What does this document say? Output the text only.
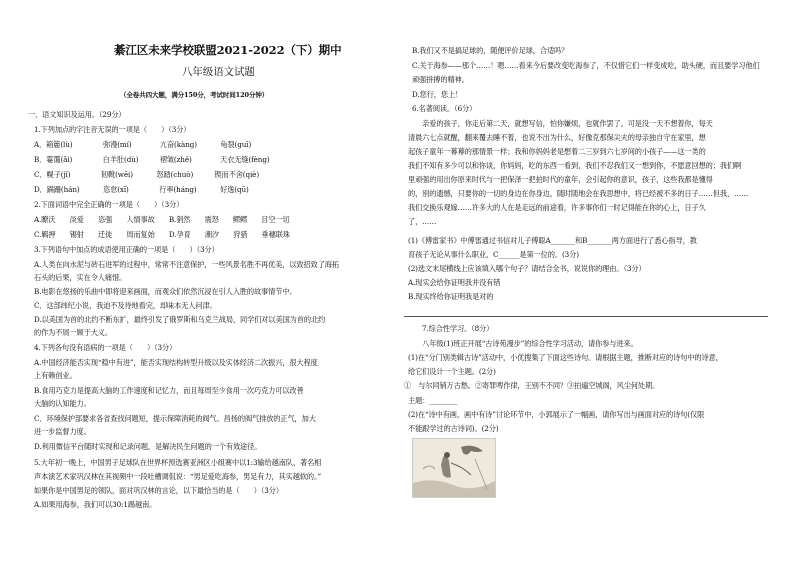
綦江区未来学校联盟2021-2022（下）期中
八年级语文试题
（全卷共四大题，满分150分，考试时间120分钟）
一、语文知识及运用。（29分）
1.下列加点的字注音无误的一项是（　　）（3分）
A．箱簏(lù)　　　　 弥漫(mí)　　　　亢奋(kàng)　　　 龟裂(guī)
B．霎霭(ǎi)　　　　 白羊肚(dù)　　　褶皱(zhě)　　　　天衣无缝(fèng)
C．幌子(jǐ)　　　　 韧靴(wēi)　　　 怒踏(chuò)　　　锲而不舍(qiè)
D．蹒跚(hán)　　　 恣怠(xī)　　　　 行率(háng)　　　 好逸(qū)
2.下面词语中完全正确的一项是（　　）（3分）
A.瞭沃　　淡爱　　恣强　　人情事故　　B.狷然　　震怒　　鳏鳏　　目空一切
C.羁押　　锡射　　迁徙　　周而复始　　D.孕育　　潮汐　　狩猎　　垂穗联珠
3.下列语句中加点的成语使用正确的一项是（　　）（3分）
A.人类在向水泥与砖石进军的过程中，常常不注意保护，一些风景名胜不再优美，以致招致了海拓
石头的后果，实在令人痛惜。
B.电影在悠扬的乐曲中即将迎来画面，而观众们依然沉浸在引人入胜的故事情节中。
C．这部纬纪小说，我迫不及待地看完，却味本无人问津。
D.以美国为首的北约不断东扩，最终引发了俄罗斯和乌克兰战局，同学们对以美国为首的北约
的作为不屑一顾于大义。
4.下列各句没有语病的一项是（　　）（3分）
A.中国经济能否实现“稳中有进”，能否实现结构转型升级以及实体经济二次振兴，很大程度
上有赖创业。
B.食用巧克力是提高大脑的工作速度和记忆力，而且每周至少食用一次巧克力可以改善
大脑的认知能力。
C．环境保护部要求各省查找问题短，提示保障消耗的阀气、昌扬的阀气排放的正气，加大
进一步监督力度。
D.利用微信平台随时实现和记录问题，是解决民生问题的一个有效途径。
5.大年初一晚上，中国男子足球队在世界杯预选赛亚洲区小组赛中以1:3输给越南队，著名相
声本演艺术家巩汉林在其视频中一段吐槽调侃说：“男足爱吃海参，男足有力，其实越软的。”
如果你是中国男足的领队，面对巩汉林的言论，以下最恰当的是（　　）（3分）
A.如果用海参，我们可以30:1踢越南。
B.我们又不是搞足球的，随便评价足球，合适吗？
C.关于海参——那个……！嗯……看来今后要改变吃海参了，不仅惜它们一样变成吃，助头硬，而且要学习他们
顽强拼搏的精神。
D.您行，您上！
6.名著阅读。（6分）
　　亲爱的孩子，你走后第二天，就想写信，怕你嫌烦，也就作罢了。可是没一天不想着你，每天
清晨六七点就醒，翻来覆去睡不着，也说不出为什么，好像克那保尖夫的母亲独自守在家里，想
起孩子童年一幕幕的那情景一样；我和你妈妈老是想着二三岁到六七岁间的小孩子——这一类的
我们不知有多少可以和你谈，你妈妈，吃的东西一看到，我们不忍我们又一想到你，不愿意回想的；我们啊
里顽强的用出你原来时代与一把保泽一把拍时代的童年，会引起你的意识，孩子，这些我都是懂得
的，别的遗憾，只要你的一切的身边在你身边，随时随地会在我思想中，将已经被不多的日子……但我，……
我们交换乐观嫁……许多大的人在是走远的前途看，许多事你们一时记得能在你的心上，日子久
了，……
(1)《傅雷家书》中傅雷通过书信对儿子傅聪A_______和B_______两方面进行了悉心指导，教
育孩子无论从事什么职业，C______是第一位的。(3分)
(2)选文末尾横线上应该填入哪个句子？请结合全书，说说你的理由。（3分）
A.现实会给你证明我并没有错
B.现实终给你证明我是对的
7.综合性学习。（8分）
　　八年级(1)班正开展“古诗苑漫步”的综合性学习活动，请你参与进来。
(1)在“分门别类辑古诗”活动中，小优搜集了下面这些诗句。请根据主题，推断对应的诗句中的诗意，
给它们设计一个主题。(2分)
①　与尔同销万古愁。②寄罪啤作律，王别不不同？③拍遍空城阁，风尘何处期。
主题：________
(2)在“诗中有画，画中有诗”讨论环节中，小郭展示了一幅画，请你写出与画面对应的诗句(仅限
不能跟学过的古诗词)。(2分)
